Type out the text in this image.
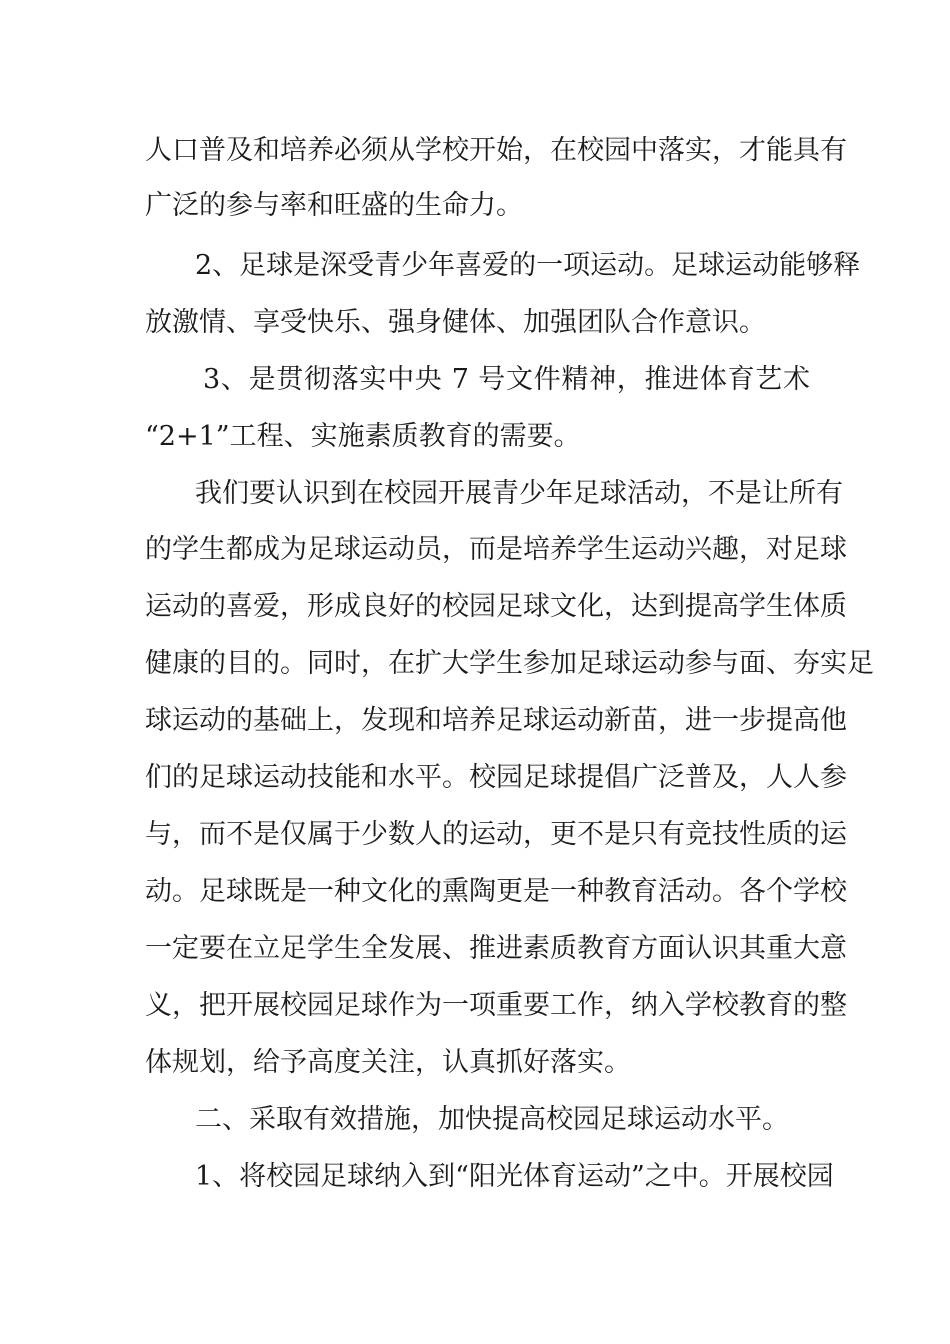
人口普及和培养必须从学校开始，在校园中落实，才能具有
广泛的参与率和旺盛的生命力。
2、足球是深受青少年喜爱的一项运动。足球运动能够释
放激情、享受快乐、强身健体、加强团队合作意识。
3、是贯彻落实中央 7 号文件精神，推进体育艺术
“2+1”工程、实施素质教育的需要。
我们要认识到在校园开展青少年足球活动，不是让所有
的学生都成为足球运动员，而是培养学生运动兴趣，对足球
运动的喜爱，形成良好的校园足球文化，达到提高学生体质
健康的目的。同时，在扩大学生参加足球运动参与面、夯实足
球运动的基础上，发现和培养足球运动新苗，进一步提高他
们的足球运动技能和水平。校园足球提倡广泛普及，人人参
与，而不是仅属于少数人的运动，更不是只有竞技性质的运
动。足球既是一种文化的熏陶更是一种教育活动。各个学校
一定要在立足学生全发展、推进素质教育方面认识其重大意
义，把开展校园足球作为一项重要工作，纳入学校教育的整
体规划，给予高度关注，认真抓好落实。
二、采取有效措施，加快提高校园足球运动水平。
1、将校园足球纳入到“阳光体育运动”之中。开展校园
